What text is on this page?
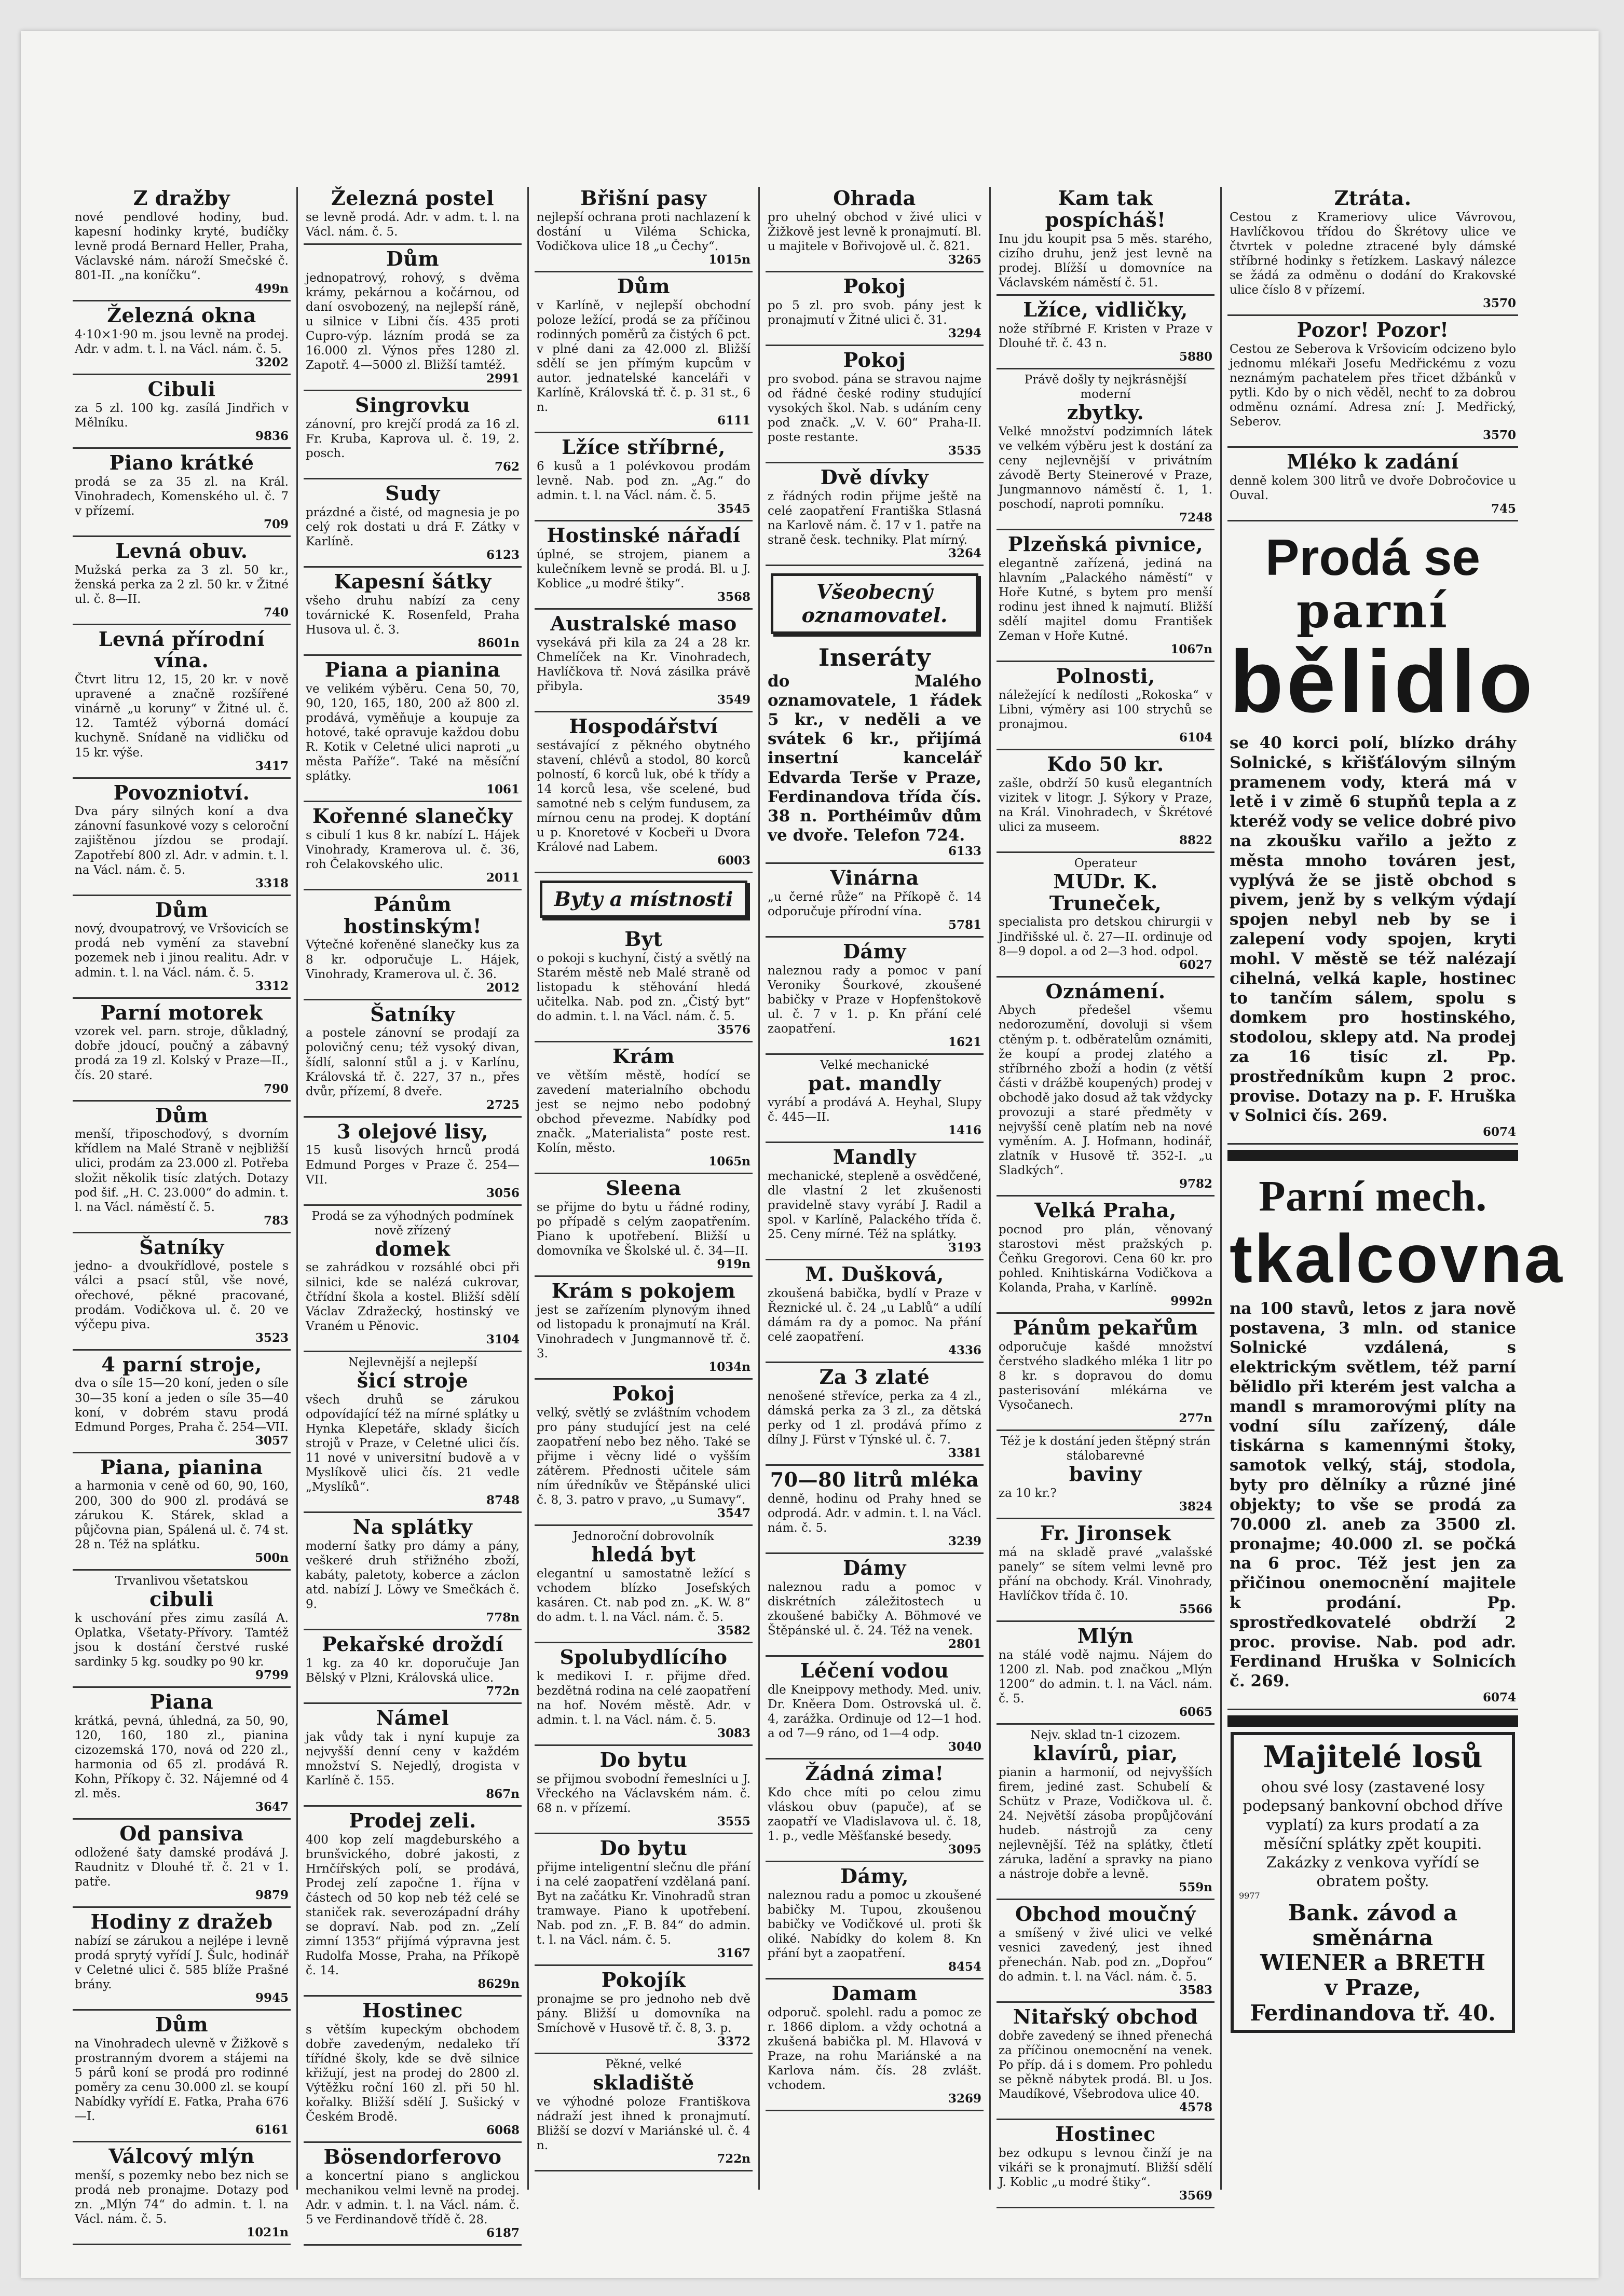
Z dražby

nové pendlové hodiny, bud. kapesní hodinky kryté, budíčky levně prodá Bernard Heller, Praha, Václavské nám. nároží Smečské č. 801-II. „na koníčku“.

499n
Železná okna

4·10×1·90 m. jsou levně na prodej. Adr. v adm. t. l. na Václ. nám. č. 5.

3202
Cibuli

za 5 zl. 100 kg. zasílá Jindřich v Mělníku.

9836
Piano krátké

prodá se za 35 zl. na Král. Vinohradech, Komenského ul. č. 7 v přízemí.

709
Levná obuv.

Mužská perka za 3 zl. 50 kr., ženská perka za 2 zl. 50 kr. v Žitné ul. č. 8—II.

740
Levná přírodní vína.

Čtvrt litru 12, 15, 20 kr. v nově upravené a značně rozšířené vinárně „u koruny“ v Žitné ul. č. 12. Tamtéž výborná domácí kuchyně. Snídaně na vidličku od 15 kr. výše.

3417
Povozniotví.

Dva páry silných koní a dva zánovní fasunkové vozy s celoroční zajištěnou jízdou se prodají. Zapotřebí 800 zl. Adr. v admin. t. l. na Václ. nám. č. 5.

3318
Dům

nový, dvoupatrový, ve Vršovicích se prodá neb vymění za stavební pozemek neb i jinou realitu. Adr. v admin. t. l. na Václ. nám. č. 5.

3312
Parní motorek

vzorek vel. parn. stroje, důkladný, dobře jdoucí, poučný a zábavný prodá za 19 zl. Kolský v Praze—II., čís. 20 staré.

790
Dům

menší, třiposchoďový, s dvorním křídlem na Malé Straně v nejbližší ulici, prodám za 23.000 zl. Potřeba složit několik tisíc zlatých. Dotazy pod šif. „H. C. 23.000“ do admin. t. l. na Václ. náměstí č. 5.

783
Šatníky

jedno- a dvoukřídlové, postele s válci a psací stůl, vše nové, ořechové, pěkné pracované, prodám. Vodičkova ul. č. 20 ve výčepu piva.

3523
4 parní stroje,

dva o síle 15—20 koní, jeden o síle 30—35 koní a jeden o síle 35—40 koní, v dobrém stavu prodá Edmund Porges, Praha č. 254—VII.

3057
Piana, pianina

a harmonia v ceně od 60, 90, 160, 200, 300 do 900 zl. prodává se zárukou K. Stárek, sklad a půjčovna pian, Spálená ul. č. 74 st. 28 n. Též na splátku.

500n

Trvanlivou všetatskou

cibuli

k uschování přes zimu zasílá A. Oplatka, Všetaty-Přívory. Tamtéž jsou k dostání čerstvé ruské sardinky 5 kg. soudky po 90 kr.

9799
Piana

krátká, pevná, úhledná, za 50, 90, 120, 160, 180 zl., pianina cizozemská 170, nová od 220 zl., harmonia od 65 zl. prodává R. Kohn, Příkopy č. 32. Nájemné od 4 zl. měs.

3647
Od pansiva

odložené šaty damské prodává J. Raudnitz v Dlouhé tř. č. 21 v 1. patře.

9879
Hodiny z dražeb

nabízí se zárukou a nejlépe i levně prodá sprytý vyřídí J. Šulc, hodinář v Celetné ulici č. 585 blíže Prašné brány.

9945
Dům

na Vinohradech ulevně v Žižkově s prostranným dvorem a stájemi na 5 párů koní se prodá pro rodinné poměry za cenu 30.000 zl. se koupí Nabídky vyřídí E. Fatka, Praha 676—I.

6161
Válcový mlýn

menší, s pozemky nebo bez nich se prodá neb pronajme. Dotazy pod zn. „Mlýn 74“ do admin. t. l. na Václ. nám. č. 5.

1021n
Železná postel

se levně prodá. Adr. v adm. t. l. na Václ. nám. č. 5.

Dům

jednopatrový, rohový, s dvěma krámy, pekárnou a kočárnou, od daní osvobozený, na nejlepší ráně, u silnice v Libni čís. 435 proti Cupro-výp. lázním prodá se za 16.000 zl. Výnos přes 1280 zl. Zapotř. 4—5000 zl. Bližší tamtéž.

2991
Singrovku

zánovní, pro krejčí prodá za 16 zl. Fr. Kruba, Kaprova ul. č. 19, 2. posch.

762
Sudy

prázdné a čisté, od magnesia je po celý rok dostati u drá F. Zátky v Karlíně.

6123
Kapesní šátky

všeho druhu nabízí za ceny továrnické K. Rosenfeld, Praha Husova ul. č. 3.

8601n
Piana a pianina

ve velikém výběru. Cena 50, 70, 90, 120, 165, 180, 200 až 800 zl. prodává, vyměňuje a koupuje za hotové, také opravuje každou dobu R. Kotik v Celetné ulici naproti „u města Paříže“. Také na měsíční splátky.

1061
Kořenné slanečky

s cibulí 1 kus 8 kr. nabízí L. Hájek Vinohrady, Kramerova ul. č. 36, roh Čelakovského ulic.

2011
Pánům hostinským!

Výtečné kořeněné slanečky kus za 8 kr. odporučuje L. Hájek, Vinohrady, Kramerova ul. č. 36.

2012
Šatníky

a postele zánovní se prodají za polovičný cenu; též vysoký divan, šídlí, salonní stůl a j. v Karlínu, Královská tř. č. 227, 37 n., přes dvůr, přízemí, 8 dveře.

2725
3 olejové lisy,

15 kusů lisových hrnců prodá Edmund Porges v Praze č. 254—VII.

3056

Prodá se za výhodných podmínek nově zřízený

domek

se zahrádkou v rozsáhlé obci při silnici, kde se nalézá cukrovar, čtřídní škola a kostel. Bližší sdělí Václav Zdražecký, hostinský ve Vraném u Pěnovic.

3104

Nejlevnější a nejlepší

šicí stroje

všech druhů se zárukou odpovídající též na mírné splátky u Hynka Klepetáře, sklady šicích strojů v Praze, v Celetné ulici čís. 11 nové v universitní budově a v Myslíkově ulici čís. 21 vedle „Myslíků“.

8748
Na splátky

moderní šatky pro dámy a pány, veškeré druh střižného zboží, kabáty, paletoty, koberce a záclon atd. nabízí J. Löwy ve Smečkách č. 9.

778n
Pekařské droždí

1 kg. za 40 kr. doporučuje Jan Bělský v Plzni, Královská ulice.

772n
Námel

jak vůdy tak i nyní kupuje za nejvyšší denní ceny v každém množství S. Nejedlý, drogista v Karlíně č. 155.

867n
Prodej zeli.

400 kop zelí magdeburského a brunšvického, dobré jakosti, z Hrnčířských polí, se prodává, Prodej zelí započne 1. října v částech od 50 kop neb též celé se staniček rak. severozápadní dráhy se dopraví. Nab. pod zn. „Zelí zimní 1353“ přijímá výpravna jest Rudolfa Mosse, Praha, na Příkopě č. 14.

8629n
Hostinec

s větším kupeckým obchodem dobře zavedeným, nedaleko tří tířídné školy, kde se dvě silnice křižují, jest na prodej do 2800 zl. Výtěžku roční 160 zl. při 50 hl. kořalky. Bližší sdělí J. Sušický v Českém Brodě.

6068
Bösendorferovo

a koncertní piano s anglickou mechanikou velmi levně na prodej. Adr. v admin. t. l. na Václ. nám. č. 5 ve Ferdinandově třídě č. 28.

6187
Břišní pasy

nejlepší ochrana proti nachlazení k dostání u Viléma Schicka, Vodičkova ulice 18 „u Čechy“.

1015n
Dům

v Karlíně, v nejlepší obchodní poloze ležící, prodá se za příčinou rodinných poměrů za čistých 6 pct. v plné dani za 42.000 zl. Bližší sdělí se jen přímým kupcům v autor. jednatelské kanceláři v Karlíně, Královská tř. č. p. 31 st., 6 n.

6111
Lžíce stříbrné,

6 kusů a 1 polévkovou prodám levně. Nab. pod zn. „Ag.“ do admin. t. l. na Václ. nám. č. 5.

3545
Hostinské nářadí

úplné, se strojem, pianem a kulečníkem levně se prodá. Bl. u J. Koblice „u modré štiky“.

3568
Australské maso

vysekává při kila za 24 a 28 kr. Chmelíček na Kr. Vinohradech, Havlíčkova tř. Nová zásilka právě přibyla.

3549
Hospodářství

sestávající z pěkného obytného stavení, chlévů a stodol, 80 korců polností, 6 korců luk, obé k třídy a 14 korců lesa, vše scelené, bud samotné neb s celým fundusem, za mírnou cenu na prodej. K doptání u p. Knoretové v Kocbeři u Dvora Králové nad Labem.

6003
Byty a místnosti
Byt

o pokoji s kuchyní, čistý a světlý na Starém městě neb Malé straně od listopadu k stěhování hledá učitelka. Nab. pod zn. „Čistý byt“ do admin. t. l. na Václ. nám. č. 5.

3576
Krám

ve větším městě, hodící se zavedení materialního obchodu jest se nejmo nebo podobný obchod převezme. Nabídky pod značk. „Materialista“ poste rest. Kolín, město.

1065n
Sleena

se přijme do bytu u řádné rodiny, po případě s celým zaopatřením. Piano k upotřebení. Bližší u domovníka ve Školské ul. č. 34—II.

919n
Krám s pokojem

jest se zařízením plynovým ihned od listopadu k pronajmutí na Král. Vinohradech v Jungmannově tř. č. 3.

1034n
Pokoj

velký, světlý se zvláštním vchodem pro pány studující jest na celé zaopatření nebo bez něho. Také se přijme i věcny lidé o vyšším zátěrem. Přednosti učitele sám ním úředníkův ve Štěpánské ulici č. 8, 3. patro v pravo, „u Sumavy“.

3547

Jednoroční dobrovolník

hledá byt

elegantní u samostatně ležící s vchodem blízko Josefských kasáren. Ct. nab pod zn. „K. W. 8“ do adm. t. l. na Václ. nám. č. 5.

3582
Spolubydlícího

k medikovi I. r. přijme dřed. bezdětná rodina na celé zaopatření na hof. Novém městě. Adr. v admin. t. l. na Václ. nám. č. 5.

3083
Do bytu

se přijmou svobodní řemeslníci u J. Vřeckého na Václavském nám. č. 68 n. v přízemí.

3555
Do bytu

přijme inteligentní slečnu dle přání i na celé zaopatření vzdělaná paní. Byt na začátku Kr. Vinohradů stran tramwaye. Piano k upotřebení. Nab. pod zn. „F. B. 84“ do admin. t. l. na Václ. nám. č. 5.

3167
Pokojík

pronajme se pro jednoho neb dvě pány. Bližší u domovníka na Smíchově v Husově tř. č. 8, 3. p.

3372

Pěkné, velké

skladiště

ve výhodné poloze Františkova nádraží jest ihned k pronajmutí. Bližší se dozví v Mariánské ul. č. 4 n.

722n
Ohrada

pro uhelný obchod v živé ulici v Žižkově jest levně k pronajmutí. Bl. u majitele v Bořivojově ul. č. 821.

3265
Pokoj

po 5 zl. pro svob. pány jest k pronajmutí v Žitné ulici č. 31.

3294
Pokoj

pro svobod. pána se stravou najme od řádné české rodiny studující vysokých škol. Nab. s udáním ceny pod značk. „V. V. 60“ Praha-II. poste restante.

3535
Dvě dívky

z řádných rodin přijme ještě na celé zaopatření Františka Stlasná na Karlově nám. č. 17 v 1. patře na straně česk. techniky. Plat mírný.

3264
Všeobecný oznamovatel.
Inseráty

do Malého oznamovatele, 1 řádek 5 kr., v neděli a ve svátek 6 kr., přijímá insertní kancelář Edvarda Terše v Praze, Ferdinandova třída čís. 38 n. Porthéimův dům ve dvoře. Telefon 724.

6133
Vinárna

„u černé růže“ na Příkopě č. 14 odporučuje přírodní vína.

5781
Dámy

naleznou rady a pomoc v paní Veroniky Šourkové, zkoušené babičky v Praze v Hopfenštokově ul. č. 7 v 1. p. Kn přání celé zaopatření.

1621

Velké mechanické

pat. mandly

vyrábí a prodává A. Heyhal, Slupy č. 445—II.

1416
Mandly

mechanické, stepleně a osvědčené, dle vlastní 2 let zkušenosti pravidelně stavy vyrábí J. Radil a spol. v Karlíně, Palackého třída č. 25. Ceny mírné. Též na splátky.

3193
M. Dušková,

zkoušená babička, bydlí v Praze v Řeznické ul. č. 24 „u Lablů“ a udílí dámám ra dy a pomoc. Na přání celé zaopatření.

4336
Za 3 zlaté

nenošené střevíce, perka za 4 zl., dámská perka za 3 zl., za dětská perky od 1 zl. prodává přímo z dílny J. Fürst v Týnské ul. č. 7.

3381
70—80 litrů mléka

denně, hodinu od Prahy hned se odprodá. Adr. v admin. t. l. na Václ. nám. č. 5.

3239
Dámy

naleznou radu a pomoc v diskrétních záležitostech u zkoušené babičky A. Böhmové ve Štěpánské ul. č. 24. Též na venek.

2801
Léčení vodou

dle Kneippovy methody. Med. univ. Dr. Kněera Dom. Ostrovská ul. č. 4, zarážka. Ordinuje od 12—1 hod. a od 7—9 ráno, od 1—4 odp.

3040
Žádná zima!

Kdo chce míti po celou zimu vláskou obuv (papuče), ať se zaopatří ve Vladislavova ul. č. 18, 1. p., vedle Měšťanské besedy.

3095
Dámy,

naleznou radu a pomoc u zkoušené babičky M. Tupou, zkoušenou babičky ve Vodičkové ul. proti šk oliké. Nabídky do kolem 8. Kn přání byt a zaopatření.

8454
Damam

odporuč. spolehl. radu a pomoc ze r. 1866 diplom. a vždy ochotná a zkušená babička pl. M. Hlavová v Praze, na rohu Mariánské a na Karlova nám. čís. 28 zvlášt. vchodem.

3269
Kam tak pospícháš!

Inu jdu koupit psa 5 měs. starého, cizího druhu, jenž jest levně na prodej. Blížší u domovníce na Václavském náměstí č. 51.

Lžíce, vidličky,

nože stříbrné F. Kristen v Praze v Dlouhé tř. č. 43 n.

5880

Právě došly ty nejkrásnější moderní

zbytky.

Velké množství podzimních látek ve velkém výběru jest k dostání za ceny nejlevnější v privátním závodě Berty Steinerové v Praze, Jungmannovo náměstí č. 1, 1. poschodí, naproti pomníku.

7248
Plzeňská pivnice,

elegantně zařízená, jediná na hlavním „Palackého náměstí“ v Hoře Kutné, s bytem pro menší rodinu jest ihned k najmutí. Bližší sdělí majitel domu František Zeman v Hoře Kutné.

1067n
Polnosti,

náležející k nedílosti „Rokoska“ v Libni, výměry asi 100 strychů se pronajmou.

6104
Kdo 50 kr.

zašle, obdrží 50 kusů elegantních vizitek v litogr. J. Sýkory v Praze, na Král. Vinohradech, v Škrétové ulici za museem.

8822

Operateur

MUDr. K. Truneček,

specialista pro detskou chirurgii v Jindřišské ul. č. 27—II. ordinuje od 8—9 dopol. a od 2—3 hod. odpol.

6027
Oznámení.

Abych předešel všemu nedorozumění, dovoluji si všem ctěným p. t. odběratelům oznámiti, že koupí a prodej zlatého a stříbrného zboží a hodin (z větší části v drážbě koupených) prodej v obchodě jako dosud až tak vždycky provozuji a staré předměty v nejvyšší ceně platím neb na nové vyměním. A. J. Hofmann, hodinář, zlatník v Husově tř. 352-I. „u Sladkých“.

9782
Velká Praha,

pocnod pro plán, věnovaný starostovi měst pražských p. Čeňku Gregorovi. Cena 60 kr. pro pohled. Knihtiskárna Vodičkova a Kolanda, Praha, v Karlíně.

9992n
Pánům pekařům

odporučuje kašdé množství čerstvého sladkého mléka 1 litr po 8 kr. s dopravou do domu pasterisování mlékárna ve Vysočanech.

277n

Též je k dostání jeden štěpný strán stálobarevné

baviny

za 10 kr.?

3824
Fr. Jironsek

má na skladě pravé „valašské panely“ se sítem velmi levně pro přání na obchody. Král. Vinohrady, Havlíčkov třída č. 10.

5566
Mlýn

na stálé vodě najmu. Nájem do 1200 zl. Nab. pod značkou „Mlýn 1200“ do admin. t. l. na Václ. nám. č. 5.

6065

Nejv. sklad tn-1 cizozem.

klavírů, piar,

pianin a harmonií, od nejvyšších firem, jediné zast. Schubelí & Schütz v Praze, Vodičkova ul. č. 24. Největší zásoba propůjčování hudeb. nástrojů za ceny nejlevnější. Též na splátky, čtletí záruka, ladění a spravky na piano a nástroje dobře a levně.

559n
Obchod moučný

a smíšený v živé ulici ve velké vesnici zavedený, jest ihned přenechán. Nab. pod zn. „Dopřou“ do admin. t. l. na Václ. nám. č. 5.

3583
Nitařský obchod

dobře zavedený se ihned přenechá za příčinou onemocnění na venek. Po příp. dá i s domem. Pro pohledu se pěkně nábytek prodá. Bl. u Jos. Maudíkové, Všebrodova ulice 40.

4578
Hostinec

bez odkupu s levnou činží je na vikáři se k pronajmutí. Bližší sdělí J. Koblic „u modré štiky“.

3569
Ztráta.

Cestou z Krameriovy ulice Vávrovou, Havlíčkovou třídou do Škrétovy ulice ve čtvrtek v poledne ztracené byly dámské stříbrné hodinky s řetízkem. Laskavý nálezce se žádá za odměnu o dodání do Krakovské ulice číslo 8 v přízemí.

3570
Pozor! Pozor!

Cestou ze Seberova k Vršovicím odcizeno bylo jednomu mlékaři Josefu Medřickému z vozu neznámým pachatelem přes třicet džbánků v pytli. Kdo by o nich věděl, nechť to za dobrou odměnu oznámí. Adresa zní: J. Medřický, Seberov.

3570
Mléko k zadání

denně kolem 300 litrů ve dvoře Dobročovice u Ouval.

745
Prodá se
parní
bělidlo

se 40 korci polí, blízko dráhy Solnické, s křišťálovým silným pramenem vody, která má v letě i v zimě 6 stupňů tepla a z kteréž vody se velice dobré pivo na zkoušku vařilo a ježto z města mnoho továren jest, vyplývá že se jistě obchod s pivem, jenž by s velkým výdají spojen nebyl neb by se i zalepení vody spojen, kryti mohl. V městě se též nalézají cihelná, velká kaple, hostinec to tančím sálem, spolu s domkem pro hostinského, stodolou, sklepy atd. Na prodej za 16 tisíc zl. Pp. prostředníkům kupn 2 proc. provise. Dotazy na p. F. Hruška v Solnici čís. 269.

6074
Parní mech.
tkalcovna

na 100 stavů, letos z jara nově postavena, 3 mln. od stanice Solnické vzdálená, s elektrickým světlem, též parní bělidlo při kterém jest valcha a mandl s mramorovými plíty na vodní sílu zařízený, dále tiskárna s kamennými štoky, samotok velký, stáj, stodola, byty pro dělníky a různé jiné objekty; to vše se prodá za 70.000 zl. aneb za 3500 zl. pronajme; 40.000 zl. se počká na 6 proc. Též jest jen za přičinou onemocnění majitele k prodání. Pp. sprostředkovatelé obdrží 2 proc. provise. Nab. pod adr. Ferdinand Hruška v Solnicích č. 269.

6074
Majitelé losů

ohou své losy (zastavené losy podepsaný bankovní obchod dříve vyplatí) za kurs prodatí a za měsíční splátky zpět koupiti. Zakázky z venkova vyřídí se obratem pošty.

9977
Bank. závod a směnárna
WIENER a BRETH
v Praze,
Ferdinandova tř. 40.
